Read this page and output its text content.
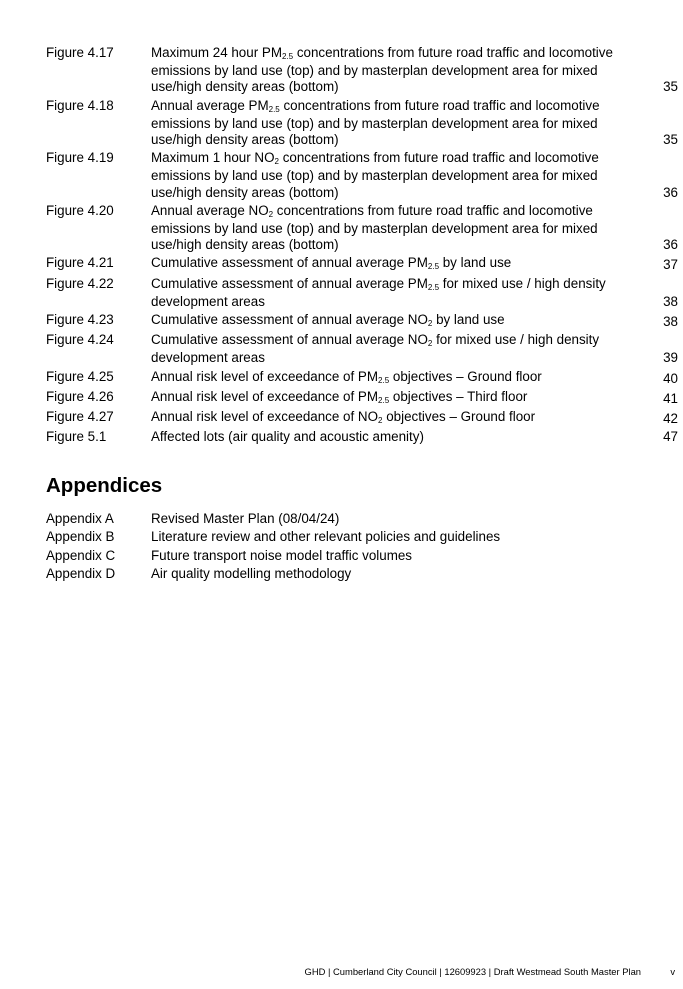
Figure 4.17	Maximum 24 hour $PM_{2.5}$ concentrations from future road traffic and locomotive emissions by land use (top) and by masterplan development area for mixed use/high density areas (bottom)	35
Figure 4.18	Annual average $PM_{2.5}$ concentrations from future road traffic and locomotive emissions by land use (top) and by masterplan development area for mixed use/high density areas (bottom)	35
Figure 4.19	Maximum 1 hour $NO_2$ concentrations from future road traffic and locomotive emissions by land use (top) and by masterplan development area for mixed use/high density areas (bottom)	36
Figure 4.20	Annual average $NO_2$ concentrations from future road traffic and locomotive emissions by land use (top) and by masterplan development area for mixed use/high density areas (bottom)	36
Figure 4.21	Cumulative assessment of annual average $PM_{2.5}$ by land use	37
Figure 4.22	Cumulative assessment of annual average $PM_{2.5}$ for mixed use / high density development areas	38
Figure 4.23	Cumulative assessment of annual average $NO_2$ by land use	38
Figure 4.24	Cumulative assessment of annual average $NO_2$ for mixed use / high density development areas	39
Figure 4.25	Annual risk level of exceedance of $PM_{2.5}$ objectives – Ground floor	40
Figure 4.26	Annual risk level of exceedance of $PM_{2.5}$ objectives – Third floor	41
Figure 4.27	Annual risk level of exceedance of $NO_2$ objectives – Ground floor	42
Figure 5.1	Affected lots (air quality and acoustic amenity)	47
Appendices
Appendix A	Revised Master Plan (08/04/24)
Appendix B	Literature review and other relevant policies and guidelines
Appendix C	Future transport noise model traffic volumes
Appendix D	Air quality modelling methodology
GHD | Cumberland City Council | 12609923 | Draft Westmead South Master Plan	v
